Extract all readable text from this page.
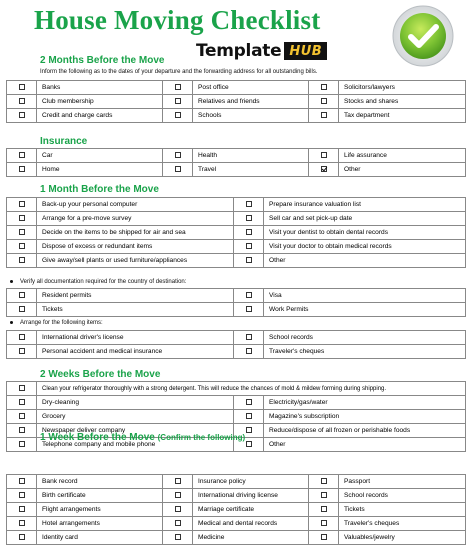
House Moving Checklist
Template HUB
2 Months Before the Move
Inform the following as to the dates of your departure and the forwarding address for all outstanding bills.
	Banks		Post office		Solicitors/lawyers
	Club membership		Relatives and friends		Stocks and shares
	Credit and charge cards		Schools		Tax department
Insurance
	Car		Health		Life assurance
	Home		Travel		Other
1 Month Before the Move
	Back-up your personal computer		Prepare insurance valuation list
	Arrange for a pre-move survey		Sell car and set pick-up date
	Decide on the items to be shipped for air and sea		Visit your dentist to obtain dental records
	Dispose of excess or redundant items		Visit your doctor to obtain medical records
	Give away/sell plants or used furniture/appliances		Other
Verify all documentation required for the country of destination:
	Resident permits		Visa
	Tickets		Work Permits
Arrange for the following items:
	International driver's license		School records
	Personal accident and medical insurance		Traveler's cheques
2 Weeks Before the Move
	Clean your refrigerator thoroughly with a strong detergent. This will reduce the chances of mold & mildew forming during shipping.		
	Dry-cleaning		Electricity/gas/water
	Grocery		Magazine's subscription
	Newspaper deliver company		Reduce/dispose of all frozen or perishable foods
	Telephone company and mobile phone		Other
1 Week Before the Move (Confirm the following)
	Bank record		Insurance policy		Passport
	Birth certificate		International driving license		School records
	Flight arrangements		Marriage certificate		Tickets
	Hotel arrangements		Medical and dental records		Traveler's cheques
	Identity card		Medicine		Valuables/jewelry
